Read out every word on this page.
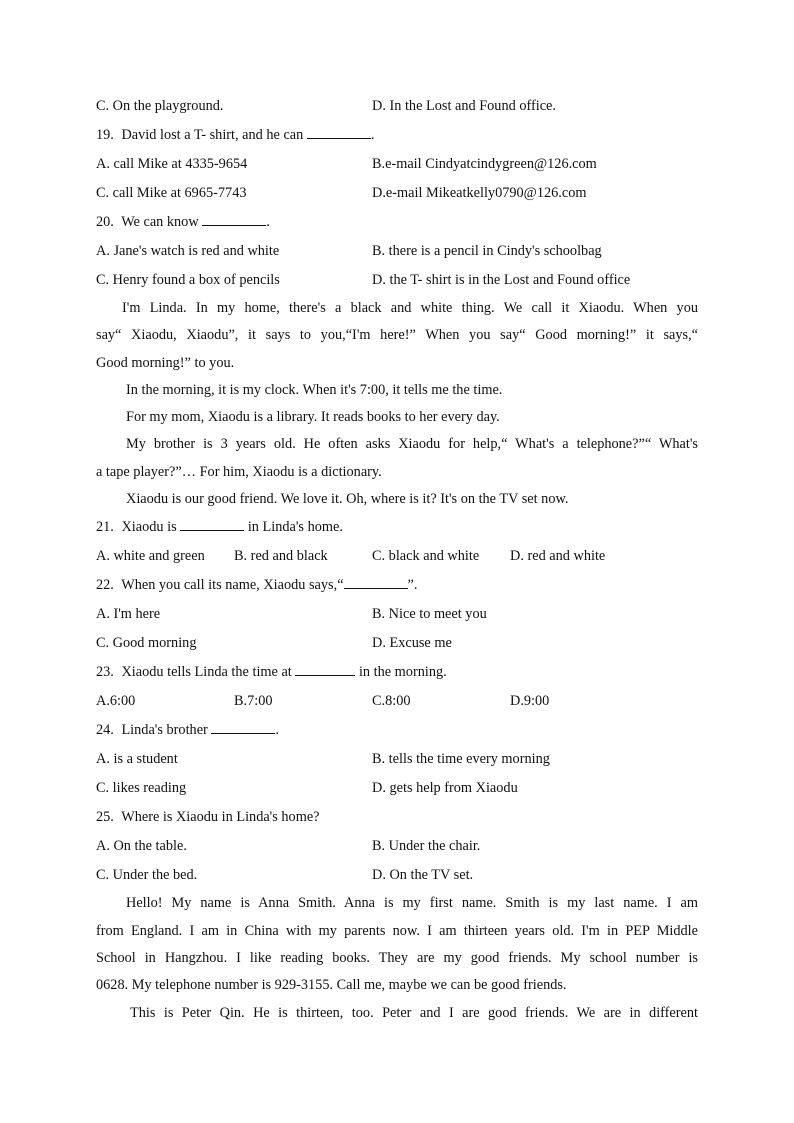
C. On the playground.	D. In the Lost and Found office.
19. David lost a T- shirt, and he can	.
A. call Mike at 4335-9654	B.e-mail Cindyatcindygreen@126.com
C. call Mike at 6965-7743	D.e-mail Mikeatkelly0790@126.com
20. We can know	.
A. Jane's watch is red and white	B. there is a pencil in Cindy's schoolbag
C. Henry found a box of pencils	D. the T- shirt is in the Lost and Found office
I'm Linda. In my home, there's a black and white thing. We call it Xiaodu. When you
say“ Xiaodu, Xiaodu”, it says to you,“I'm here!” When you say“ Good morning!” it says,“
Good morning!” to you.
In the morning, it is my clock. When it's 7:00, it tells me the time.
For my mom, Xiaodu is a library. It reads books to her every day.
My brother is 3 years old. He often asks Xiaodu for help,“ What's a telephone?”“ What's
a tape player?”… For him, Xiaodu is a dictionary.
Xiaodu is our good friend. We love it. Oh, where is it? It's on the TV set now.
21. Xiaodu is	in Linda's home.
A. white and green	B. red and black	C. black and white	D. red and white
22. When you call its name, Xiaodu says,“	”.
A. I'm here	B. Nice to meet you
C. Good morning	D. Excuse me
23. Xiaodu tells Linda the time at	in the morning.
A.6:00	B.7:00	C.8:00	D.9:00
24. Linda's brother	.
A. is a student	B. tells the time every morning
C. likes reading	D. gets help from Xiaodu
25. Where is Xiaodu in Linda's home?
A. On the table.	B. Under the chair.
C. Under the bed.	D. On the TV set.
Hello! My name is Anna Smith. Anna is my first name. Smith is my last name. I am
from England. I am in China with my parents now. I am thirteen years old. I'm in PEP Middle
School in Hangzhou. I like reading books. They are my good friends. My school number is
0628. My telephone number is 929-3155. Call me, maybe we can be good friends.
This is Peter Qin. He is thirteen, too. Peter and I are good friends. We are in different
